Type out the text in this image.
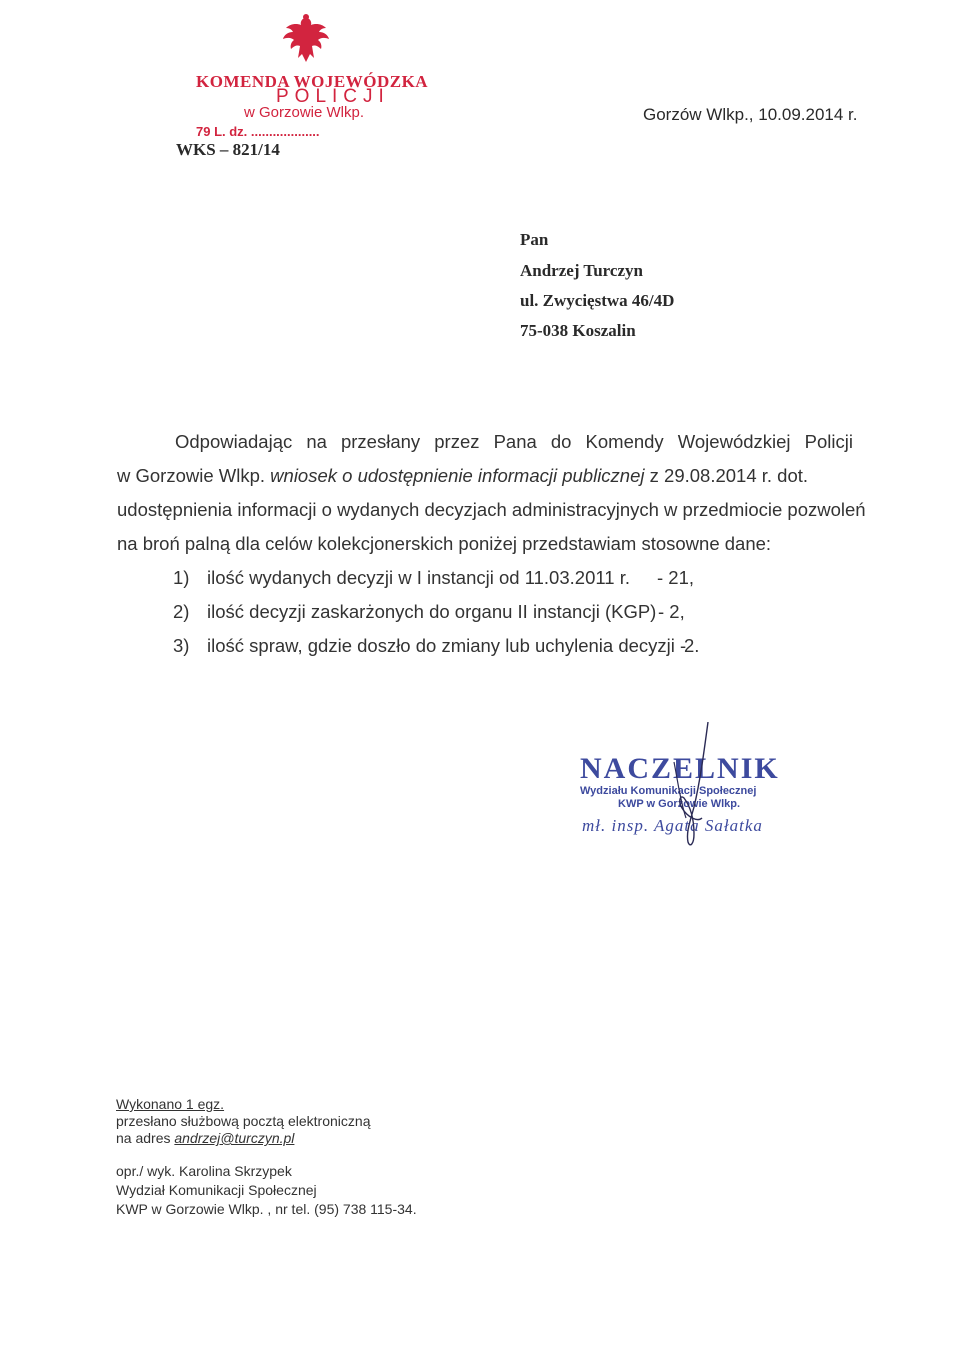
KOMENDA WOJEWÓDZKA
POLICJI
w Gorzowie Wlkp.
79 L. dz. ...................
WKS – 821/14
Gorzów Wlkp., 10.09.2014 r.
Pan
Andrzej Turczyn
ul. Zwycięstwa 46/4D
75-038 Koszalin
Odpowiadając na przesłany przez Pana do Komendy Wojewódzkiej Policji
w Gorzowie Wlkp. wniosek o udostępnienie informacji publicznej z 29.08.2014 r. dot.
udostępnienia informacji o wydanych decyzjach administracyjnych w przedmiocie pozwoleń
na broń palną dla celów kolekcjonerskich poniżej przedstawiam stosowne dane:
1) ilość wydanych decyzji w I instancji od 11.03.2011 r. - 21,
2) ilość decyzji zaskarżonych do organu II instancji (KGP) - 2,
3) ilość spraw, gdzie doszło do zmiany lub uchylenia decyzji -
2.
NACZELNIK
Wydziału Komunikacji Społecznej
KWP w Gorzowie Wlkp.
mł. insp. Agata Sałatka
Wykonano 1 egz.
przesłano służbową pocztą elektroniczną
na adres andrzej@turczyn.pl
opr./ wyk. Karolina Skrzypek
Wydział Komunikacji Społecznej
KWP w Gorzowie Wlkp. , nr tel. (95) 738 115-34.
